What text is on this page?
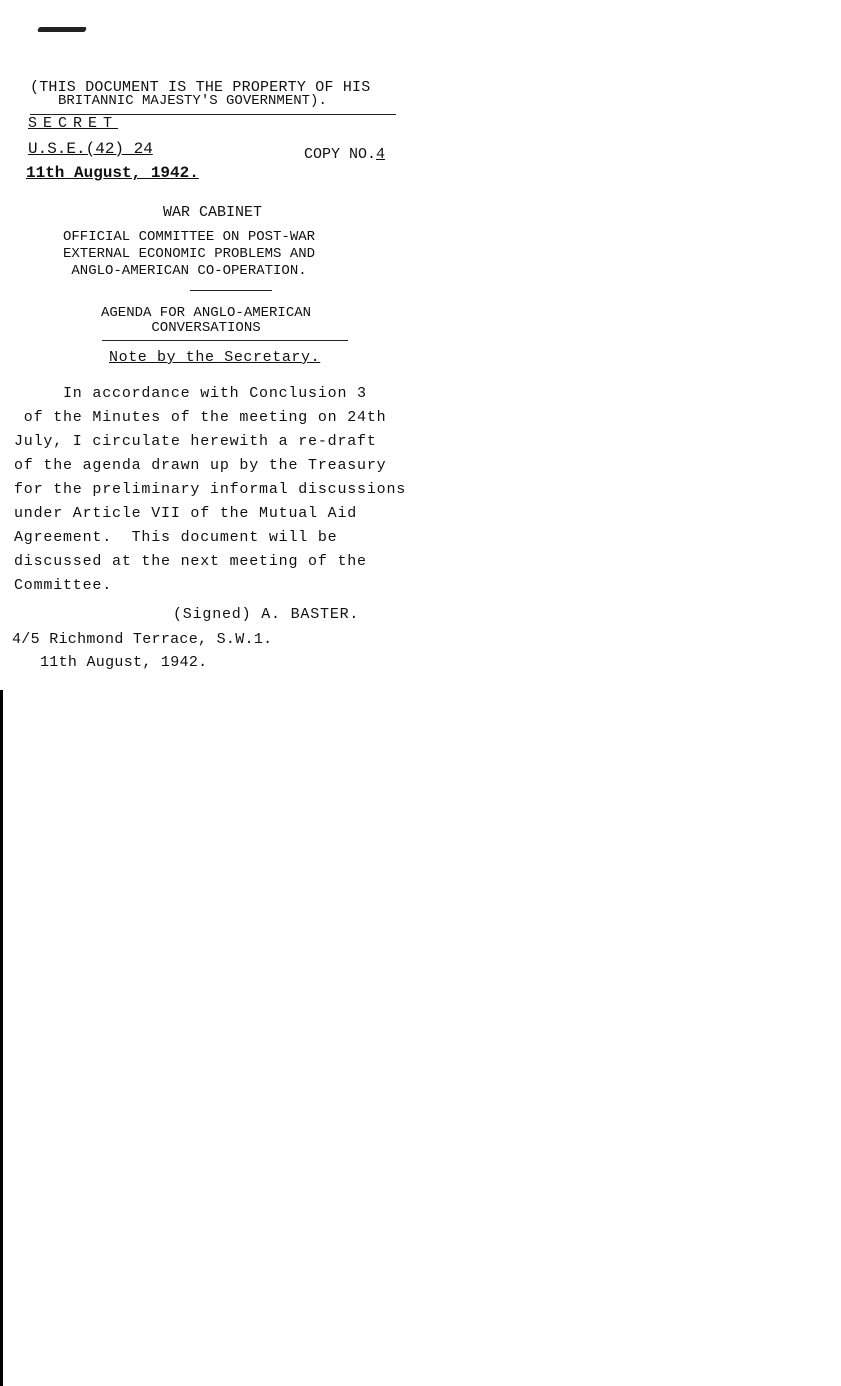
(THIS DOCUMENT IS THE PROPERTY OF HIS
BRITANNIC MAJESTY'S GOVERNMENT).
SECRET
U.S.E.(42) 24	COPY NO.4
11th August, 1942.
WAR CABINET
OFFICIAL COMMITTEE ON POST-WAR
EXTERNAL ECONOMIC PROBLEMS AND
ANGLO-AMERICAN CO-OPERATION.
AGENDA FOR ANGLO-AMERICAN
CONVERSATIONS
Note by the Secretary.
In accordance with Conclusion 3
of the Minutes of the meeting on 24th
July, I circulate herewith a re-draft
of the agenda drawn up by the Treasury
for the preliminary informal discussions
under Article VII of the Mutual Aid
Agreement.  This document will be
discussed at the next meeting of the
Committee.
(Signed) A. BASTER.
4/5 Richmond Terrace, S.W.1.
11th August, 1942.
